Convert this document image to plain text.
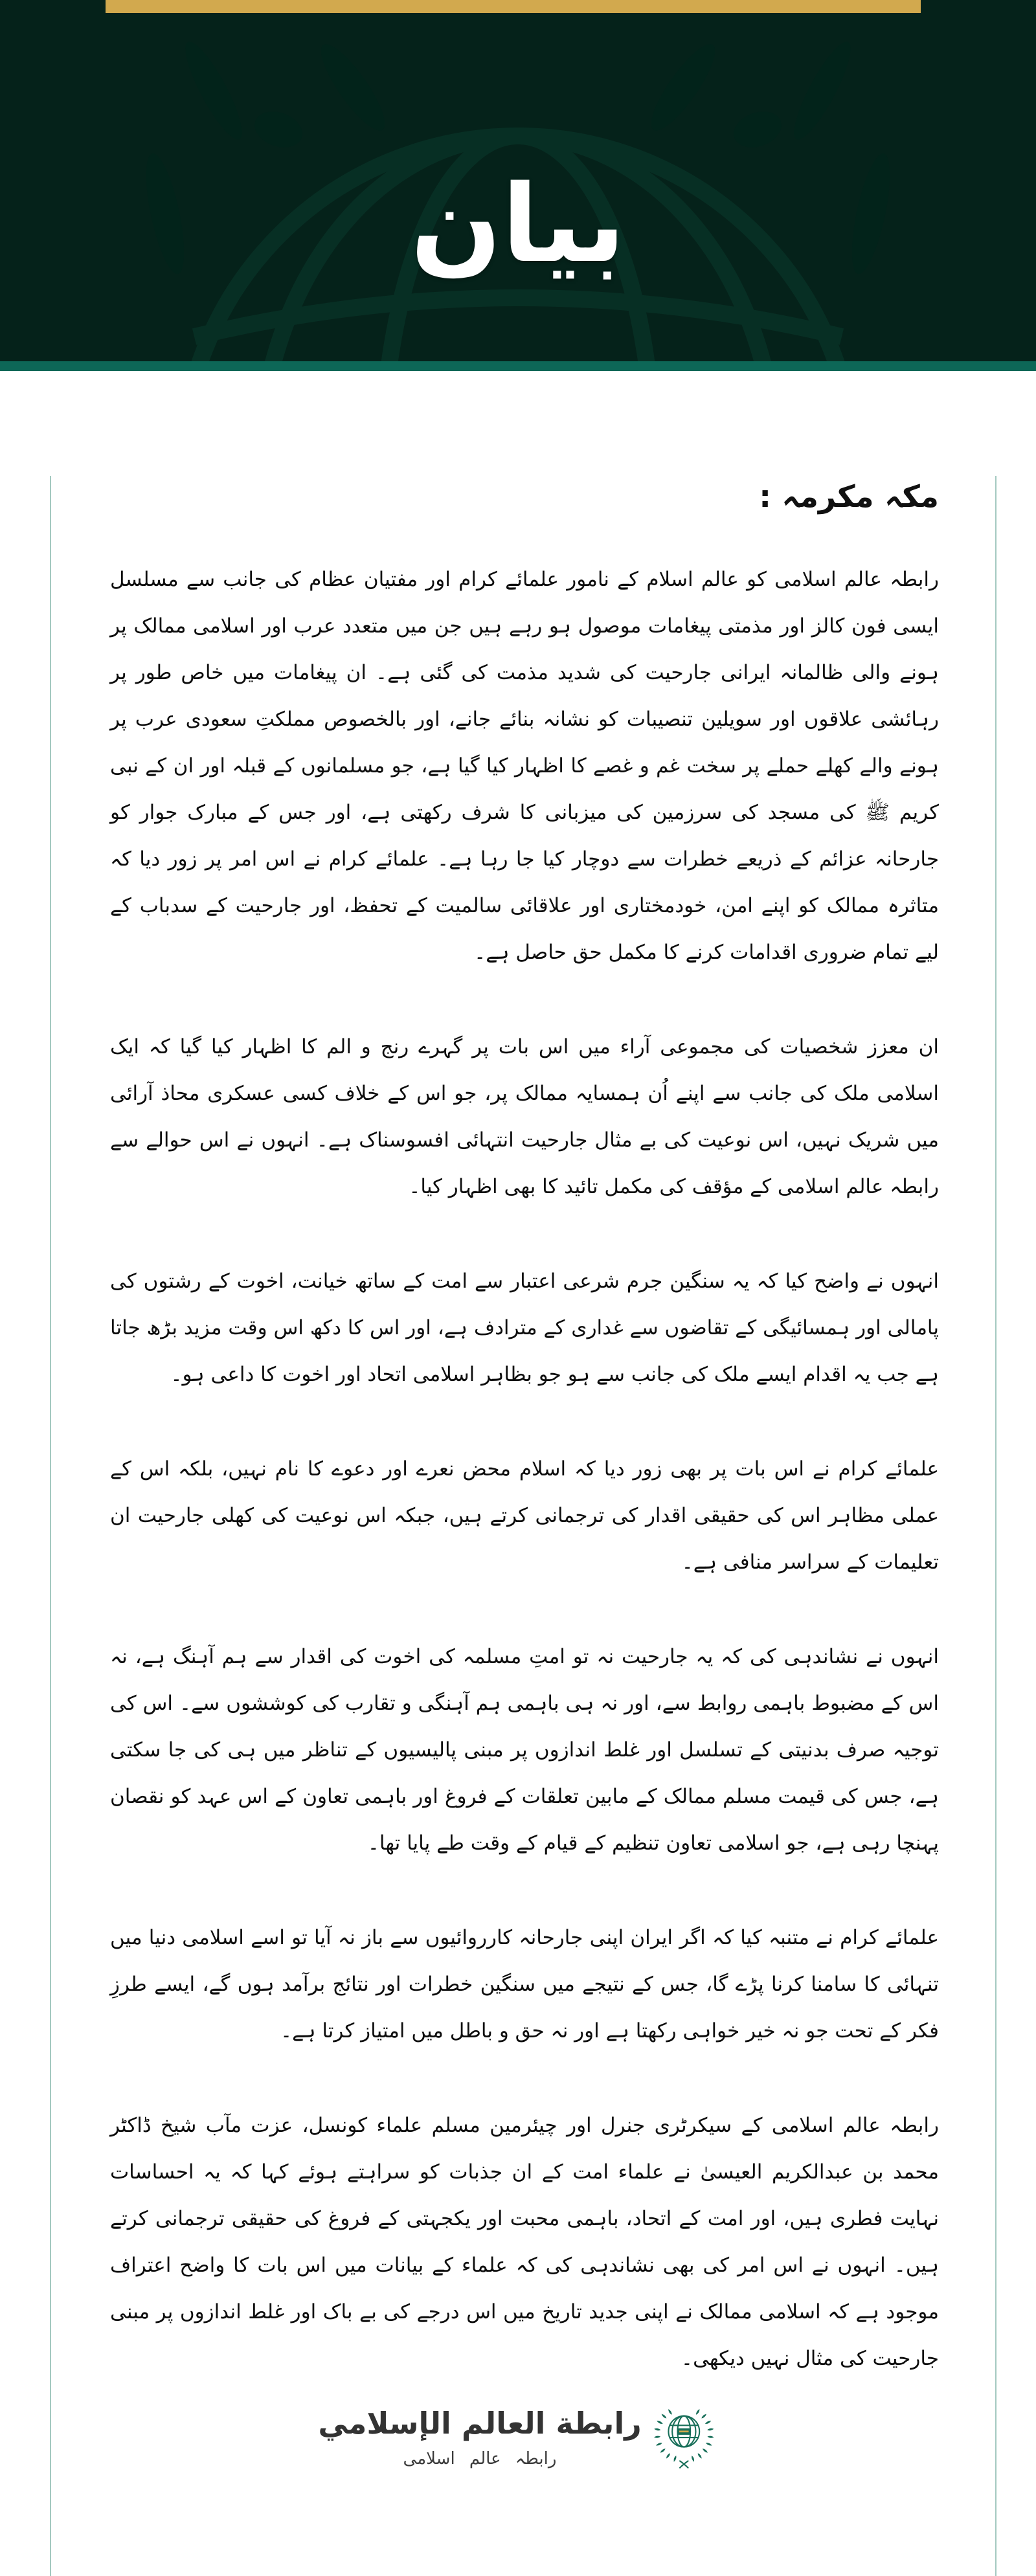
بيان
مکہ مکرمہ :

رابطہ عالم اسلامی کو عالم اسلام کے نامور علمائے کرام اور مفتیان عظام کی جانب سے مسلسل ایسی فون کالز اور مذمتی پیغامات موصول ہو رہے ہیں جن میں متعدد عرب اور اسلامی ممالک پر ہونے والی ظالمانہ ایرانی جارحیت کی شدید مذمت کی گئی ہے۔ ان پیغامات میں خاص طور پر رہائشی علاقوں اور سویلین تنصیبات کو نشانہ بنائے جانے، اور بالخصوص مملکتِ سعودی عرب پر ہونے والے کھلے حملے پر سخت غم و غصے کا اظہار کیا گیا ہے، جو مسلمانوں کے قبلہ اور ان کے نبی کریم ﷺ کی مسجد کی سرزمین کی میزبانی کا شرف رکھتی ہے، اور جس کے مبارک جوار کو جارحانہ عزائم کے ذریعے خطرات سے دوچار کیا جا رہا ہے۔ علمائے کرام نے اس امر پر زور دیا کہ متاثرہ ممالک کو اپنے امن، خودمختاری اور علاقائی سالمیت کے تحفظ، اور جارحیت کے سدباب کے لیے تمام ضروری اقدامات کرنے کا مکمل حق حاصل ہے۔

ان معزز شخصیات کی مجموعی آراء میں اس بات پر گہرے رنج و الم کا اظہار کیا گیا کہ ایک اسلامی ملک کی جانب سے اپنے اُن ہمسایہ ممالک پر، جو اس کے خلاف کسی عسکری محاذ آرائی میں شریک نہیں، اس نوعیت کی بے مثال جارحیت انتہائی افسوسناک ہے۔ انہوں نے اس حوالے سے رابطہ عالم اسلامی کے مؤقف کی مکمل تائید کا بھی اظہار کیا۔

انہوں نے واضح کیا کہ یہ سنگین جرم شرعی اعتبار سے امت کے ساتھ خیانت، اخوت کے رشتوں کی پامالی اور ہمسائیگی کے تقاضوں سے غداری کے مترادف ہے، اور اس کا دکھ اس وقت مزید بڑھ جاتا ہے جب یہ اقدام ایسے ملک کی جانب سے ہو جو بظاہر اسلامی اتحاد اور اخوت کا داعی ہو۔

علمائے کرام نے اس بات پر بھی زور دیا کہ اسلام محض نعرے اور دعوے کا نام نہیں، بلکہ اس کے عملی مظاہر اس کی حقیقی اقدار کی ترجمانی کرتے ہیں، جبکہ اس نوعیت کی کھلی جارحیت ان تعلیمات کے سراسر منافی ہے۔

انہوں نے نشاندہی کی کہ یہ جارحیت نہ تو امتِ مسلمہ کی اخوت کی اقدار سے ہم آہنگ ہے، نہ اس کے مضبوط باہمی روابط سے، اور نہ ہی باہمی ہم آہنگی و تقارب کی کوششوں سے۔ اس کی توجیہ صرف بدنیتی کے تسلسل اور غلط اندازوں پر مبنی پالیسیوں کے تناظر میں ہی کی جا سکتی ہے، جس کی قیمت مسلم ممالک کے مابین تعلقات کے فروغ اور باہمی تعاون کے اس عہد کو نقصان پہنچا رہی ہے، جو اسلامی تعاون تنظیم کے قیام کے وقت طے پایا تھا۔

علمائے کرام نے متنبہ کیا کہ اگر ایران اپنی جارحانہ کارروائیوں سے باز نہ آیا تو اسے اسلامی دنیا میں تنہائی کا سامنا کرنا پڑے گا، جس کے نتیجے میں سنگین خطرات اور نتائج برآمد ہوں گے، ایسے طرزِ فکر کے تحت جو نہ خیر خواہی رکھتا ہے اور نہ حق و باطل میں امتیاز کرتا ہے۔

رابطہ عالم اسلامی کے سیکرٹری جنرل اور چیئرمین مسلم علماء کونسل، عزت مآب شیخ ڈاکٹر محمد بن عبدالکریم العیسیٰ نے علماء امت کے ان جذبات کو سراہتے ہوئے کہا کہ یہ احساسات نہایت فطری ہیں، اور امت کے اتحاد، باہمی محبت اور یکجہتی کے فروغ کی حقیقی ترجمانی کرتے ہیں۔ انہوں نے اس امر کی بھی نشاندہی کی کہ علماء کے بیانات میں اس بات کا واضح اعتراف موجود ہے کہ اسلامی ممالک نے اپنی جدید تاریخ میں اس درجے کی بے باک اور غلط اندازوں پر مبنی جارحیت کی مثال نہیں دیکھی۔

رابطة العالم الإسلامي
رابطہ عالم اسلامی
